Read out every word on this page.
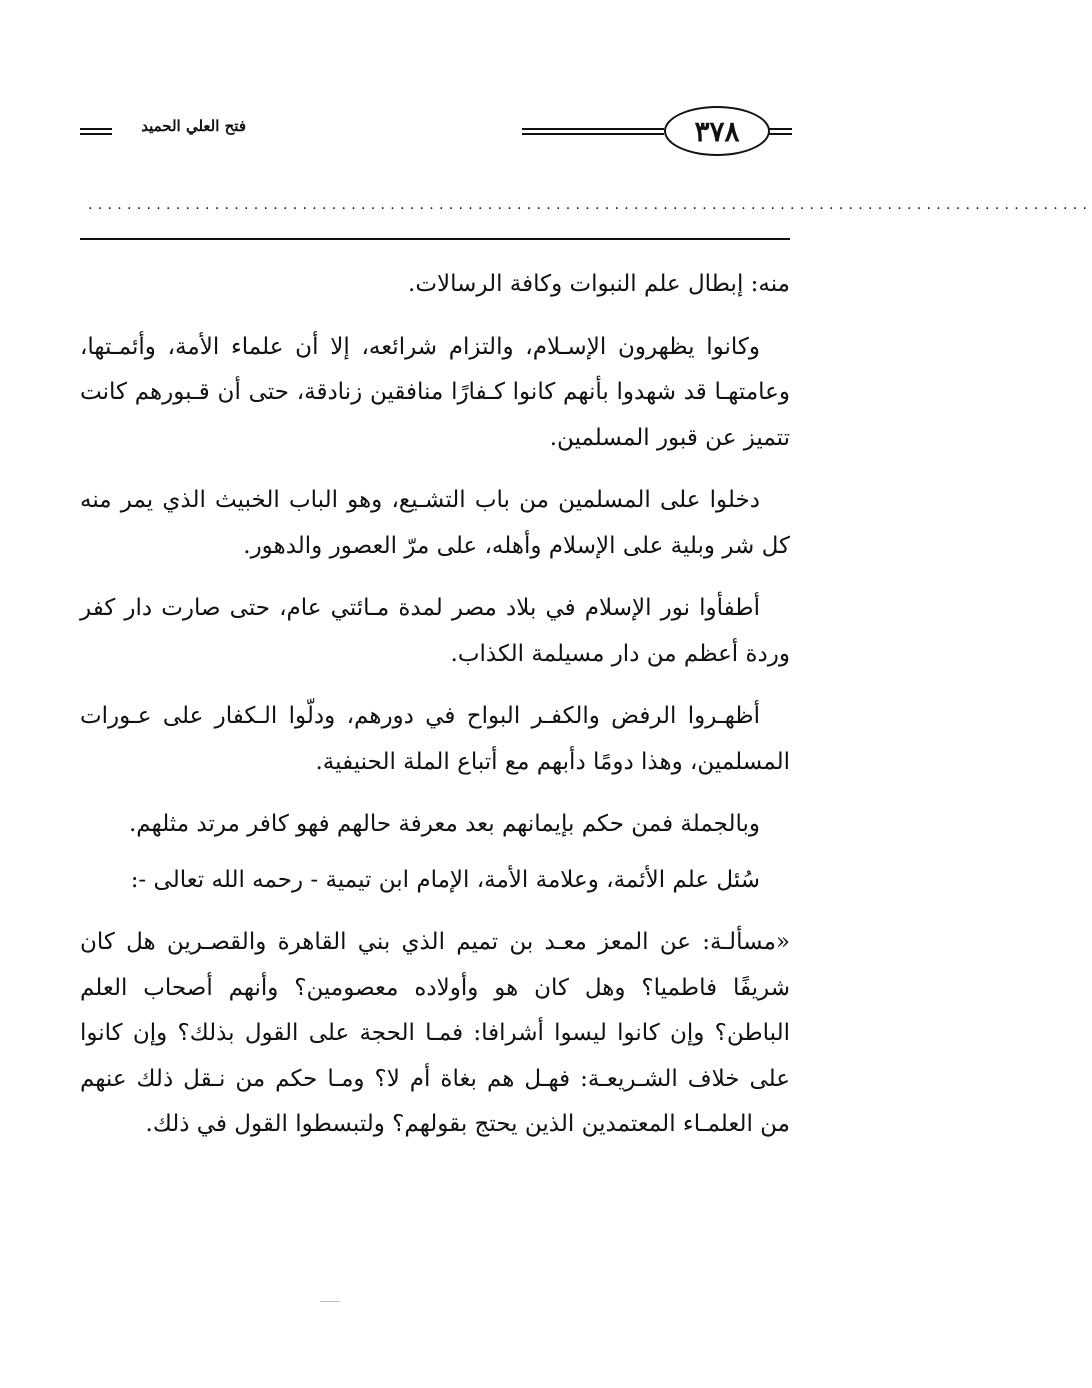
فتح العلي الحميد	٣٧٨
.......................................................................................................

منه: إبطال علم النبوات وكافة الرسالات.

وكانوا يظهرون الإسـلام، والتزام شرائعه، إلا أن علماء الأمة، وأئمـتها، وعامتهـا قد شهدوا بأنهم كانوا كـفارًا منافقين زنادقة، حتى أن قـبورهم كانت تتميز عن قبور المسلمين.

دخلوا على المسلمين من باب التشـيع، وهو الباب الخبيث الذي يمر منه كل شر وبلية على الإسلام وأهله، على مرّ العصور والدهور.

أطفأوا نور الإسلام في بلاد مصر لمدة مـائتي عام، حتى صارت دار كفر وردة أعظم من دار مسيلمة الكذاب.

أظهـروا الرفض والكفـر البواح في دورهم، ودلّوا الـكفار على عـورات المسلمين، وهذا دومًا دأبهم مع أتباع الملة الحنيفية.

وبالجملة فمن حكم بإيمانهم بعد معرفة حالهم فهو كافر مرتد مثلهم.

سُئل علم الأئمة، وعلامة الأمة، الإمام ابن تيمية - رحمه الله تعالى -:

«مسألـة: عن المعز معـد بن تميم الذي بني القاهرة والقصـرين هل كان شريفًا فاطميا؟ وهل كان هو وأولاده معصومين؟ وأنهم أصحاب العلم الباطن؟ وإن كانوا ليسوا أشرافا: فمـا الحجة على القول بذلك؟ وإن كانوا على خلاف الشـريعـة: فهـل هم بغاة أم لا؟ ومـا حكم من نـقل ذلك عنهم من العلمـاء المعتمدين الذين يحتج بقولهم؟ ولتبسطوا القول في ذلك.
